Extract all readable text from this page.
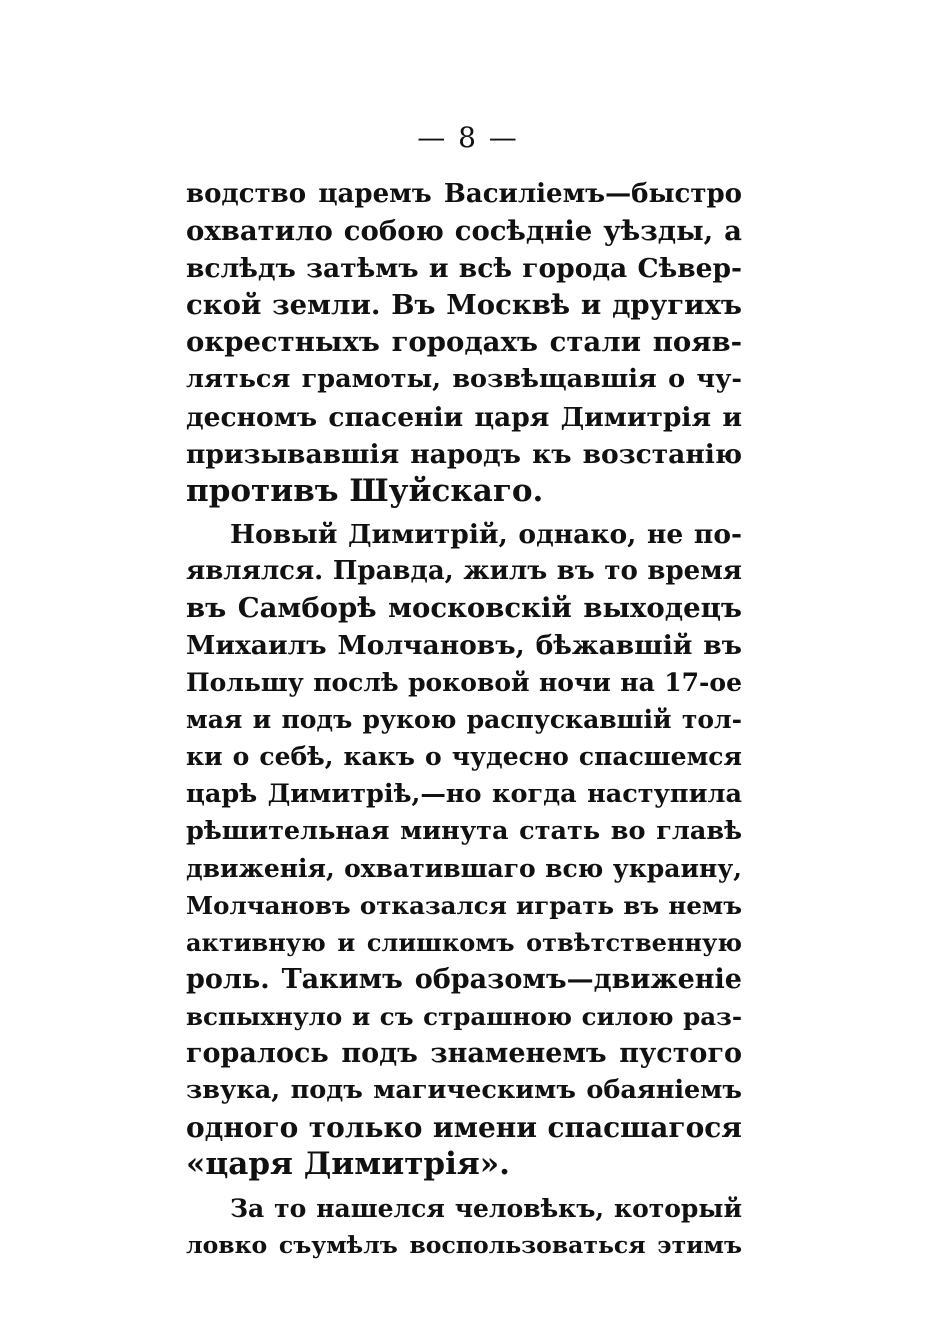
— 8 —
водство царемъ Василіемъ—быстро
охватило собою сосѣдніе уѣзды, а
вслѣдъ затѣмъ и всѣ города Сѣвер-
ской земли. Въ Москвѣ и другихъ
окрестныхъ городахъ стали появ-
ляться грамоты, возвѣщавшія о чу-
десномъ спасеніи царя Димитрія и
призывавшія народъ къ возстанію
противъ Шуйскаго.
Новый Димитрій, однако, не по-
являлся. Правда, жилъ въ то время
въ Самборѣ московскій выходецъ
Михаилъ Молчановъ, бѣжавшій въ
Польшу послѣ роковой ночи на 17-ое
мая и подъ рукою распускавшій тол-
ки о себѣ, какъ о чудесно спасшемся
царѣ Димитріѣ,—но когда наступила
рѣшительная минута стать во главѣ
движенія, охватившаго всю украину,
Молчановъ отказался играть въ немъ
активную и слишкомъ отвѣтственную
роль. Такимъ образомъ—движеніе
вспыхнуло и съ страшною силою раз-
горалось подъ знаменемъ пустого
звука, подъ магическимъ обаяніемъ
одного только имени спасшагося
«царя Димитрія».
За то нашелся человѣкъ, который
ловко съумѣлъ воспользоваться этимъ
